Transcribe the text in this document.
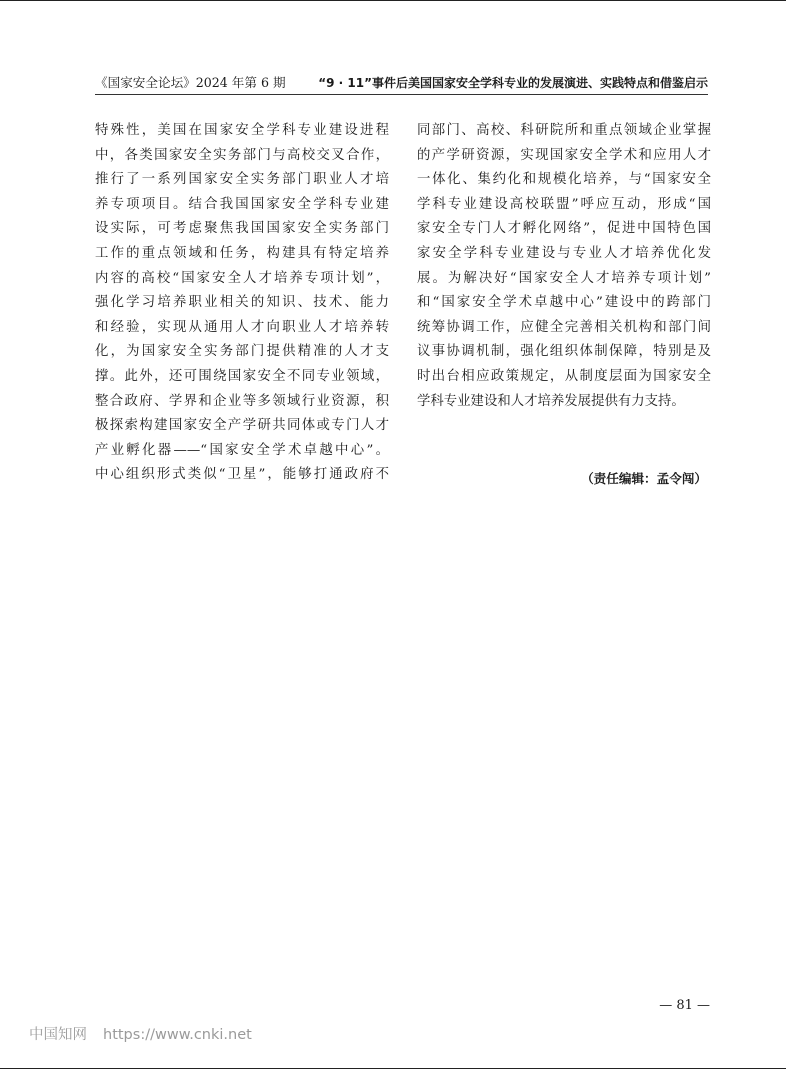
《国家安全论坛》2024 年第 6 期	“9 · 11”事件后美国国家安全学科专业的发展演进、实践特点和借鉴启示
特殊性，美国在国家安全学科专业建设进程
中，各类国家安全实务部门与高校交叉合作，
推行了一系列国家安全实务部门职业人才培
养专项项目。结合我国国家安全学科专业建
设实际，可考虑聚焦我国国家安全实务部门
工作的重点领域和任务，构建具有特定培养
内容的高校“国家安全人才培养专项计划”，
强化学习培养职业相关的知识、技术、能力
和经验，实现从通用人才向职业人才培养转
化，为国家安全实务部门提供精准的人才支
撑。此外，还可围绕国家安全不同专业领域，
整合政府、学界和企业等多领域行业资源，积
极探索构建国家安全产学研共同体或专门人才
产业孵化器——“国家安全学术卓越中心”。
中心组织形式类似“卫星”，能够打通政府不
同部门、高校、科研院所和重点领域企业掌握
的产学研资源，实现国家安全学术和应用人才
一体化、集约化和规模化培养，与“国家安全
学科专业建设高校联盟”呼应互动，形成“国
家安全专门人才孵化网络”，促进中国特色国
家安全学科专业建设与专业人才培养优化发
展。为解决好“国家安全人才培养专项计划”
和“国家安全学术卓越中心”建设中的跨部门
统筹协调工作，应健全完善相关机构和部门间
议事协调机制，强化组织体制保障，特别是及
时出台相应政策规定，从制度层面为国家安全
学科专业建设和人才培养发展提供有力支持。
（责任编辑：孟令闯）
— 81 —
中国知网 https://www.cnki.net
